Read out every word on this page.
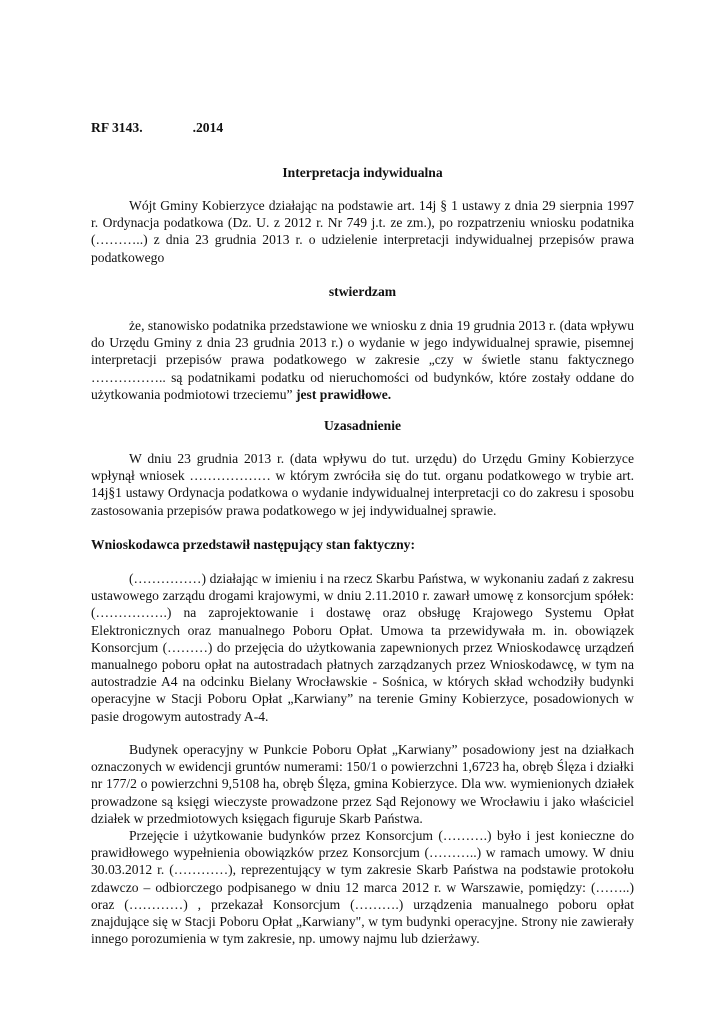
RF 3143.	.2014
Interpretacja indywidualna

Wójt Gminy Kobierzyce działając na podstawie art. 14j § 1 ustawy z dnia 29 sierpnia 1997 r. Ordynacja podatkowa (Dz. U. z 2012 r. Nr 749 j.t. ze zm.), po rozpatrzeniu wniosku podatnika (………..) z dnia 23 grudnia 2013 r. o udzielenie interpretacji indywidualnej przepisów prawa podatkowego

stwierdzam

że, stanowisko podatnika przedstawione we wniosku z dnia 19 grudnia 2013 r. (data wpływu do Urzędu Gminy z dnia 23 grudnia 2013 r.) o wydanie w jego indywidualnej sprawie, pisemnej interpretacji przepisów prawa podatkowego w zakresie „czy w świetle stanu faktycznego …………….. są podatnikami podatku od nieruchomości od budynków, które zostały oddane do użytkowania podmiotowi trzeciemu” jest prawidłowe.

Uzasadnienie

W dniu 23 grudnia 2013 r. (data wpływu do tut. urzędu) do Urzędu Gminy Kobierzyce wpłynął wniosek ……………… w którym zwróciła się do tut. organu podatkowego w trybie art. 14j§1 ustawy Ordynacja podatkowa o wydanie indywidualnej interpretacji co do zakresu i sposobu zastosowania przepisów prawa podatkowego w jej indywidualnej sprawie.

Wnioskodawca przedstawił następujący stan faktyczny:

(……………) działając w imieniu i na rzecz Skarbu Państwa, w wykonaniu zadań z zakresu ustawowego zarządu drogami krajowymi, w dniu 2.11.2010 r. zawarł umowę z konsorcjum spółek: (…………….) na zaprojektowanie i dostawę oraz obsługę Krajowego Systemu Opłat Elektronicznych oraz manualnego Poboru Opłat. Umowa ta przewidywała m. in. obowiązek Konsorcjum (………) do przejęcia do użytkowania zapewnionych przez Wnioskodawcę urządzeń manualnego poboru opłat na autostradach płatnych zarządzanych przez Wnioskodawcę, w tym na autostradzie A4 na odcinku Bielany Wrocławskie - Sośnica, w których skład wchodziły budynki operacyjne w Stacji Poboru Opłat „Karwiany” na terenie Gminy Kobierzyce, posadowionych w pasie drogowym autostrady A-4.

Budynek operacyjny w Punkcie Poboru Opłat „Karwiany” posadowiony jest na działkach oznaczonych w ewidencji gruntów numerami: 150/1 o powierzchni 1,6723 ha, obręb Ślęza i działki nr 177/2 o powierzchni 9,5108 ha, obręb Ślęza, gmina Kobierzyce. Dla ww. wymienionych działek prowadzone są księgi wieczyste prowadzone przez Sąd Rejonowy we Wrocławiu i jako właściciel działek w przedmiotowych księgach figuruje Skarb Państwa.

Przejęcie i użytkowanie budynków przez Konsorcjum (……….) było i jest konieczne do prawidłowego wypełnienia obowiązków przez Konsorcjum (………..) w ramach umowy. W dniu 30.03.2012 r. (…………), reprezentujący w tym zakresie Skarb Państwa na podstawie protokołu zdawczo – odbiorczego podpisanego w dniu 12 marca 2012 r. w Warszawie, pomiędzy: (……..) oraz (…………) , przekazał Konsorcjum (……….) urządzenia manualnego poboru opłat znajdujące się w Stacji Poboru Opłat „Karwiany", w tym budynki operacyjne. Strony nie zawierały innego porozumienia w tym zakresie, np. umowy najmu lub dzierżawy.
